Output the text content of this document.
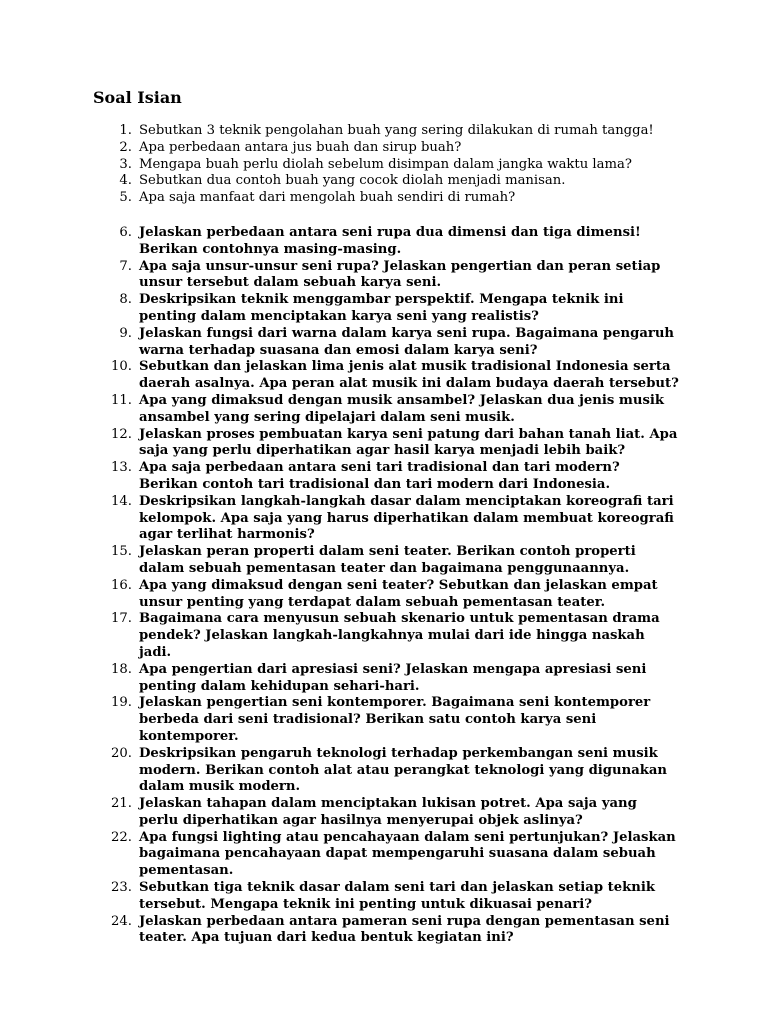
Soal Isian
1. Sebutkan 3 teknik pengolahan buah yang sering dilakukan di rumah tangga!
2. Apa perbedaan antara jus buah dan sirup buah?
3. Mengapa buah perlu diolah sebelum disimpan dalam jangka waktu lama?
4. Sebutkan dua contoh buah yang cocok diolah menjadi manisan.
5. Apa saja manfaat dari mengolah buah sendiri di rumah?
6. Jelaskan perbedaan antara seni rupa dua dimensi dan tiga dimensi! Berikan contohnya masing-masing.
7. Apa saja unsur-unsur seni rupa? Jelaskan pengertian dan peran setiap unsur tersebut dalam sebuah karya seni.
8. Deskripsikan teknik menggambar perspektif. Mengapa teknik ini penting dalam menciptakan karya seni yang realistis?
9. Jelaskan fungsi dari warna dalam karya seni rupa. Bagaimana pengaruh warna terhadap suasana dan emosi dalam karya seni?
10. Sebutkan dan jelaskan lima jenis alat musik tradisional Indonesia serta daerah asalnya. Apa peran alat musik ini dalam budaya daerah tersebut?
11. Apa yang dimaksud dengan musik ansambel? Jelaskan dua jenis musik ansambel yang sering dipelajari dalam seni musik.
12. Jelaskan proses pembuatan karya seni patung dari bahan tanah liat. Apa saja yang perlu diperhatikan agar hasil karya menjadi lebih baik?
13. Apa saja perbedaan antara seni tari tradisional dan tari modern? Berikan contoh tari tradisional dan tari modern dari Indonesia.
14. Deskripsikan langkah-langkah dasar dalam menciptakan koreografi tari kelompok. Apa saja yang harus diperhatikan dalam membuat koreografi agar terlihat harmonis?
15. Jelaskan peran properti dalam seni teater. Berikan contoh properti dalam sebuah pementasan teater dan bagaimana penggunaannya.
16. Apa yang dimaksud dengan seni teater? Sebutkan dan jelaskan empat unsur penting yang terdapat dalam sebuah pementasan teater.
17. Bagaimana cara menyusun sebuah skenario untuk pementasan drama pendek? Jelaskan langkah-langkahnya mulai dari ide hingga naskah jadi.
18. Apa pengertian dari apresiasi seni? Jelaskan mengapa apresiasi seni penting dalam kehidupan sehari-hari.
19. Jelaskan pengertian seni kontemporer. Bagaimana seni kontemporer berbeda dari seni tradisional? Berikan satu contoh karya seni kontemporer.
20. Deskripsikan pengaruh teknologi terhadap perkembangan seni musik modern. Berikan contoh alat atau perangkat teknologi yang digunakan dalam musik modern.
21. Jelaskan tahapan dalam menciptakan lukisan potret. Apa saja yang perlu diperhatikan agar hasilnya menyerupai objek aslinya?
22. Apa fungsi lighting atau pencahayaan dalam seni pertunjukan? Jelaskan bagaimana pencahayaan dapat mempengaruhi suasana dalam sebuah pementasan.
23. Sebutkan tiga teknik dasar dalam seni tari dan jelaskan setiap teknik tersebut. Mengapa teknik ini penting untuk dikuasai penari?
24. Jelaskan perbedaan antara pameran seni rupa dengan pementasan seni teater. Apa tujuan dari kedua bentuk kegiatan ini?
